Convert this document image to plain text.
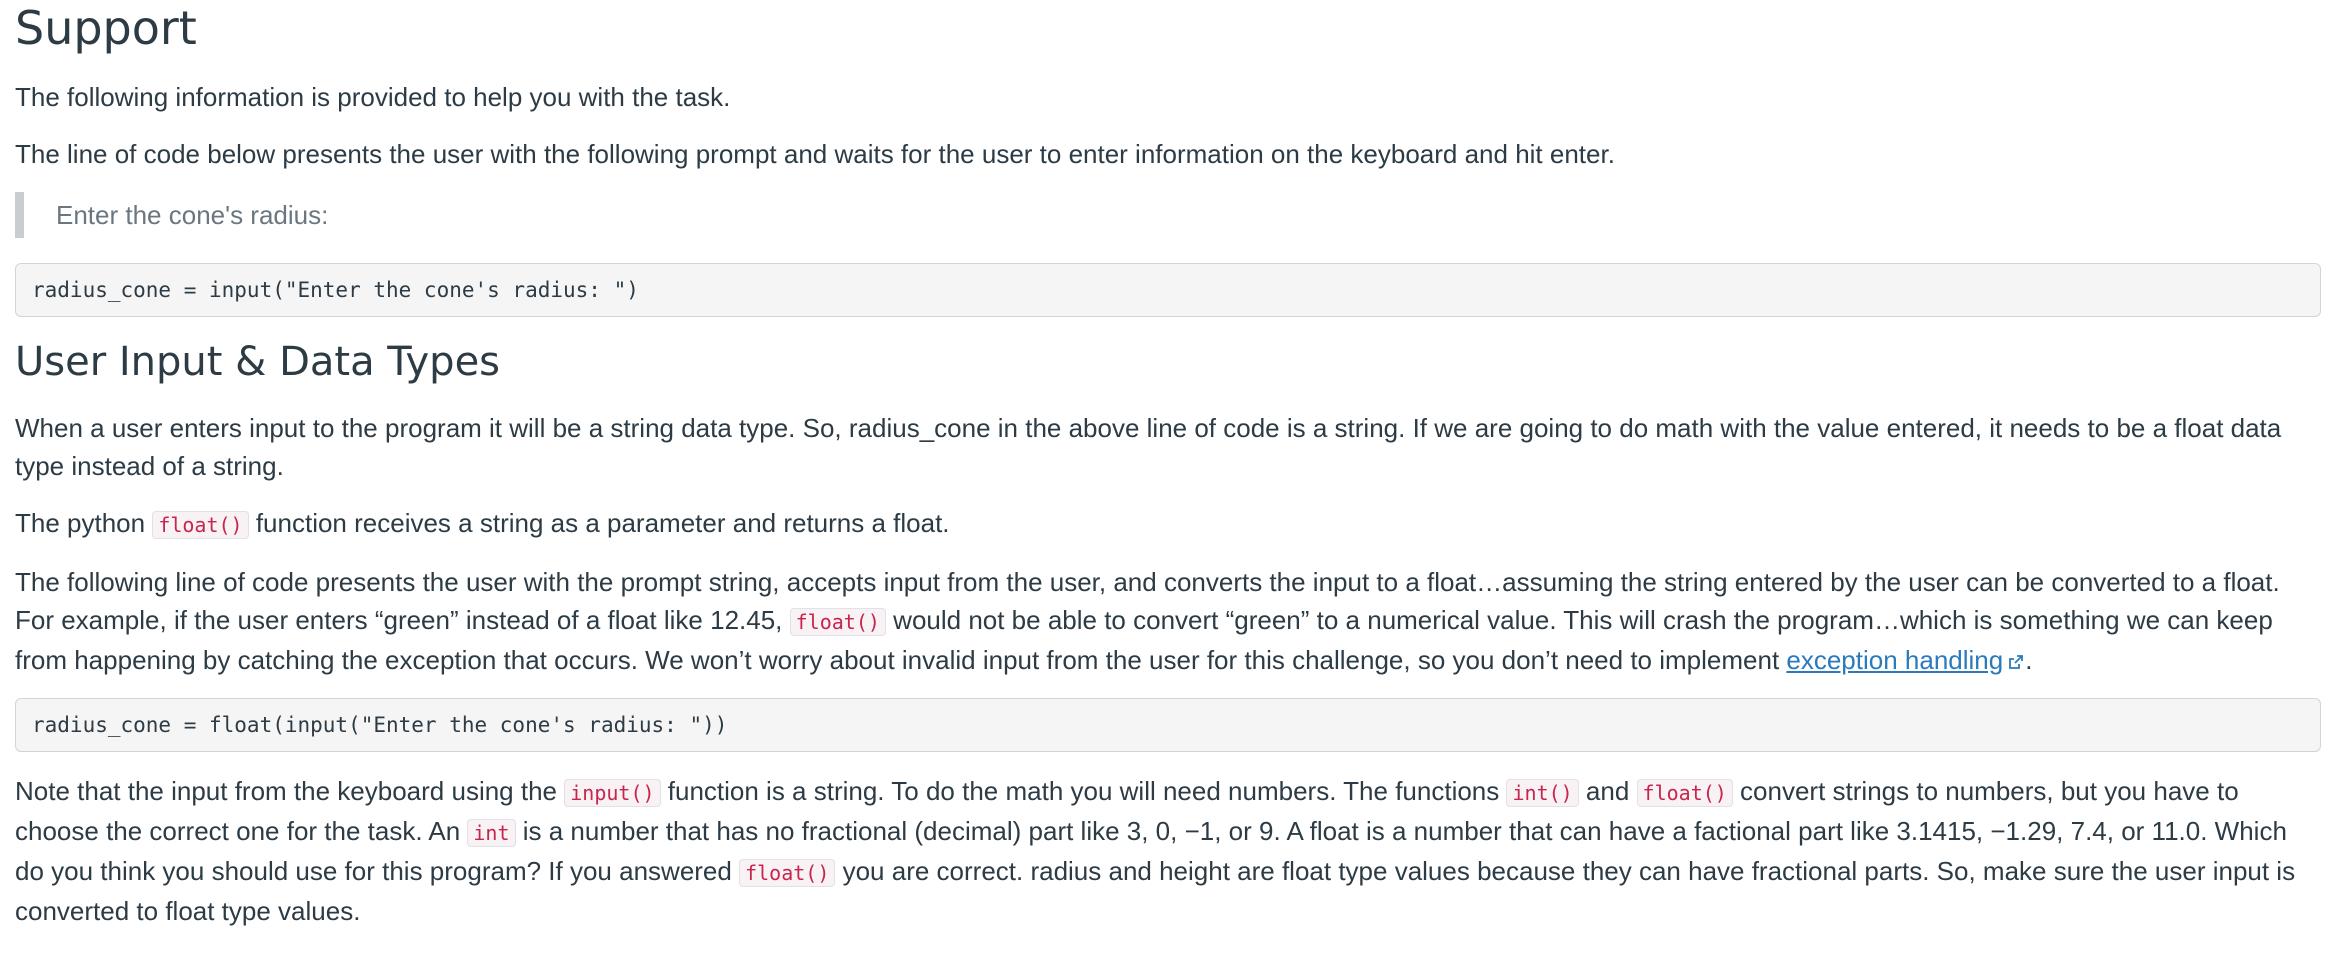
Support

The following information is provided to help you with the task.

The line of code below presents the user with the following prompt and waits for the user to enter information on the keyboard and hit enter.

Enter the cone's radius:
radius_cone = input("Enter the cone's radius: ")
User Input & Data Types

When a user enters input to the program it will be a string data type. So, radius_cone in the above line of code is a string. If we are going to do math with the value entered, it needs to be a float data type instead of a string.

The python float() function receives a string as a parameter and returns a float.

The following line of code presents the user with the prompt string, accepts input from the user, and converts the input to a float…assuming the string entered by the user can be converted to a float. For example, if the user enters “green” instead of a float like 12.45, float() would not be able to convert “green” to a numerical value. This will crash the program…which is something we can keep from happening by catching the exception that occurs. We won’t worry about invalid input from the user for this challenge, so you don’t need to implement exception handling .

radius_cone = float(input("Enter the cone's radius: "))

Note that the input from the keyboard using the input() function is a string. To do the math you will need numbers. The functions int() and float() convert strings to numbers, but you have to choose the correct one for the task. An int is a number that has no fractional (decimal) part like 3, 0, −1, or 9. A float is a number that can have a factional part like 3.1415, −1.29, 7.4, or 11.0. Which do you think you should use for this program? If you answered float() you are correct. radius and height are float type values because they can have fractional parts. So, make sure the user input is converted to float type values.
